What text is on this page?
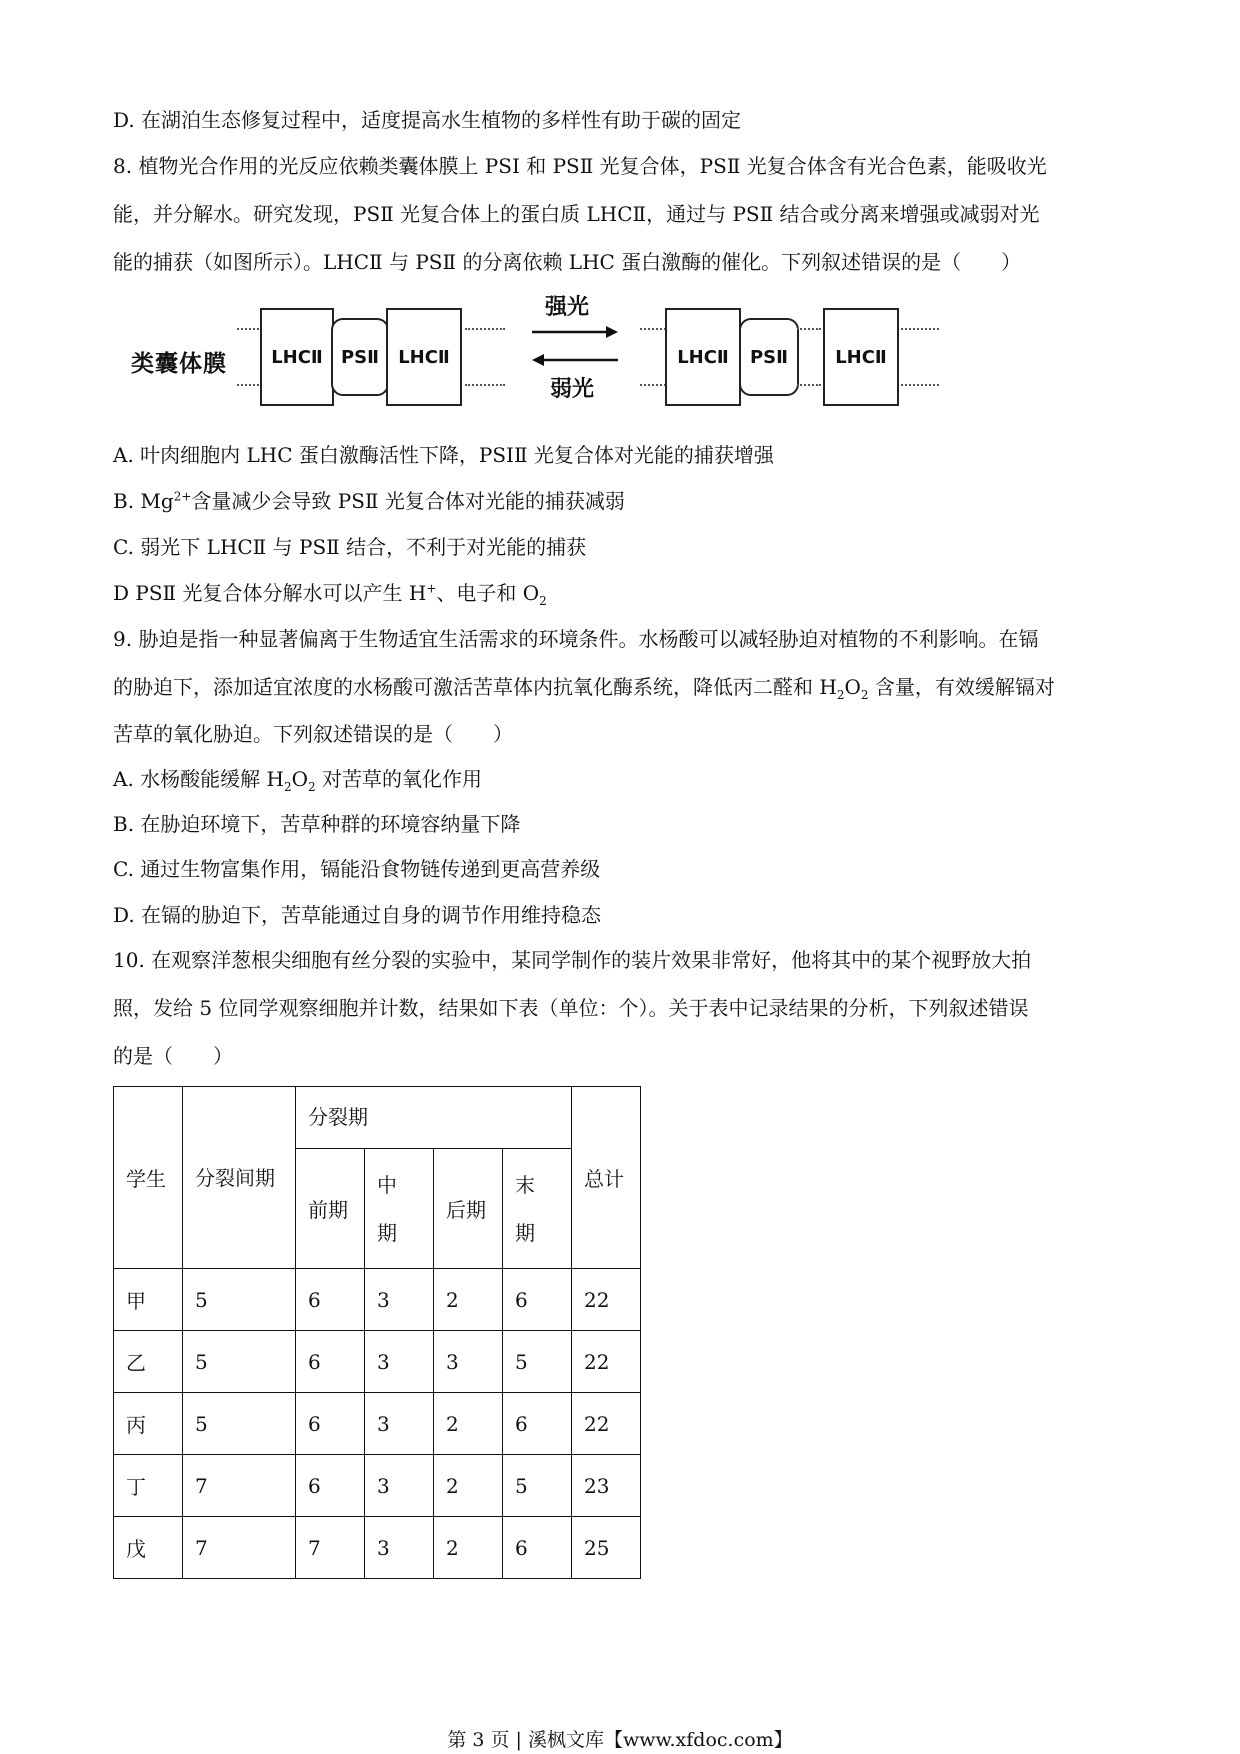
D. 在湖泊生态修复过程中，适度提高水生植物的多样性有助于碳的固定
8. 植物光合作用的光反应依赖类囊体膜上 PSⅠ 和 PSⅡ 光复合体，PSⅡ 光复合体含有光合色素，能吸收光
能，并分解水。研究发现，PSⅡ 光复合体上的蛋白质 LHCⅡ，通过与 PSⅡ 结合或分离来增强或减弱对光
能的捕获（如图所示）。LHCⅡ 与 PSⅡ 的分离依赖 LHC 蛋白激酶的催化。下列叙述错误的是（　　）
类囊体膜	LHCⅡ	PSⅡ	LHCⅡ
强光
弱光
LHCⅡ	PSⅡ	LHCⅡ
A. 叶肉细胞内 LHC 蛋白激酶活性下降，PSIⅡ 光复合体对光能的捕获增强
B. $Mg^{2+}$含量减少会导致 PSⅡ 光复合体对光能的捕获减弱
C. 弱光下 LHCⅡ 与 PSⅡ 结合，不利于对光能的捕获
D PSⅡ 光复合体分解水可以产生 H+、电子和 $O_2$
9. 胁迫是指一种显著偏离于生物适宜生活需求的环境条件。水杨酸可以减轻胁迫对植物的不利影响。在镉
的胁迫下，添加适宜浓度的水杨酸可激活苦草体内抗氧化酶系统，降低丙二醛和 $H_2O_2$ 含量，有效缓解镉对
苦草的氧化胁迫。下列叙述错误的是（　　）
A. 水杨酸能缓解 $H_2O_2$ 对苦草的氧化作用
B. 在胁迫环境下，苦草种群的环境容纳量下降
C. 通过生物富集作用，镉能沿食物链传递到更高营养级
D. 在镉的胁迫下，苦草能通过自身的调节作用维持稳态
10. 在观察洋葱根尖细胞有丝分裂的实验中，某同学制作的装片效果非常好，他将其中的某个视野放大拍
照，发给 5 位同学观察细胞并计数，结果如下表（单位：个）。关于表中记录结果的分析，下列叙述错误
的是（　　）
学生	分裂间期	分裂期				总计
		前期	中期	后期	末期	

甲	5	6	3	2	6	22
乙	5	6	3	3	5	22
丙	5	6	3	2	6	22
丁	7	6	3	2	5	23
戊	7	7	3	2	6	25
第 3 页 | 溪枫文库【www.xfdoc.com】
